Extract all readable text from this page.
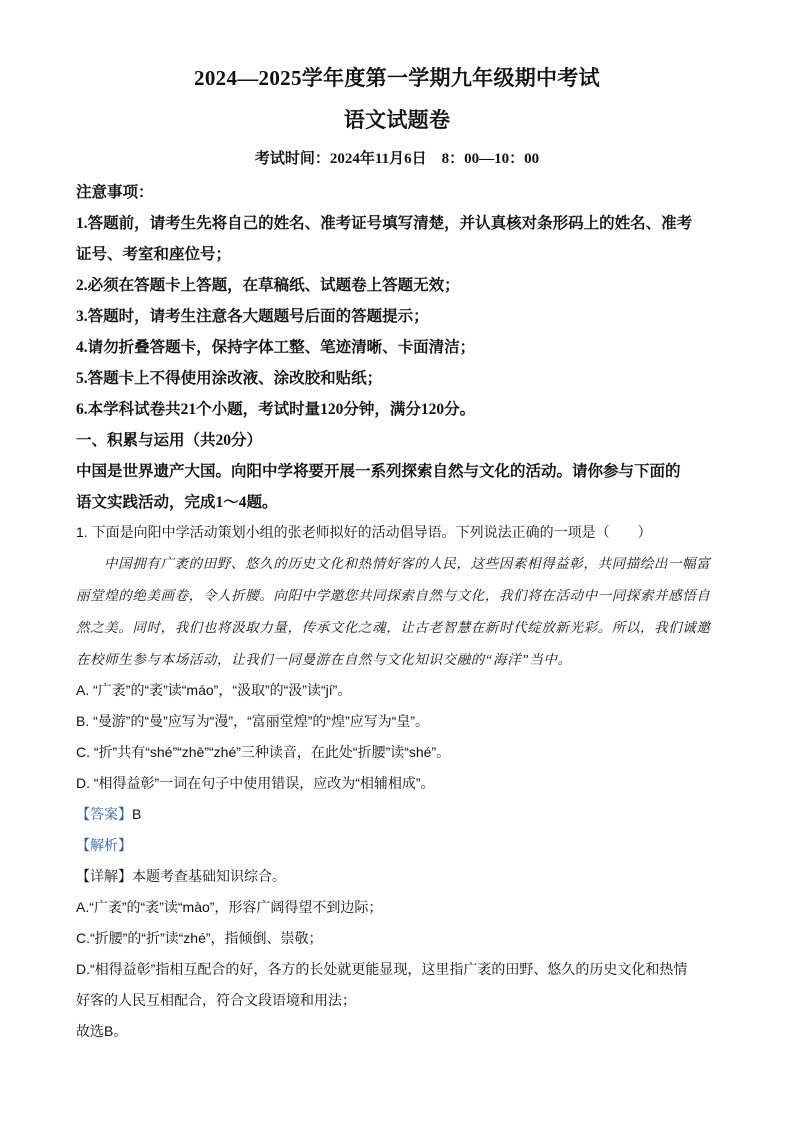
2024—2025学年度第一学期九年级期中考试
语文试题卷
考试时间：2024年11月6日　8：00—10：00
注意事项：
1.答题前，请考生先将自己的姓名、准考证号填写清楚，并认真核对条形码上的姓名、准考
证号、考室和座位号；
2.必须在答题卡上答题，在草稿纸、试题卷上答题无效；
3.答题时，请考生注意各大题题号后面的答题提示；
4.请勿折叠答题卡，保持字体工整、笔迹清晰、卡面清洁；
5.答题卡上不得使用涂改液、涂改胶和贴纸；
6.本学科试卷共21个小题，考试时量120分钟，满分120分。
一、积累与运用（共20分）
中国是世界遗产大国。向阳中学将要开展一系列探索自然与文化的活动。请你参与下面的
语文实践活动，完成1～4题。
1. 下面是向阳中学活动策划小组的张老师拟好的活动倡导语。下列说法正确的一项是（　　）
中国拥有广袤的田野、悠久的历史文化和热情好客的人民，这些因素相得益彰，共同描绘出一幅富
丽堂煌的绝美画卷，令人折腰。向阳中学邀您共同探索自然与文化，我们将在活动中一同探索并感悟自
然之美。同时，我们也将汲取力量，传承文化之魂，让古老智慧在新时代绽放新光彩。所以，我们诚邀
在校师生参与本场活动，让我们一同曼游在自然与文化知识交融的“海洋”当中。
A. “广袤”的“袤”读“máo”，“汲取”的“汲”读“jí”。
B. “曼游”的“曼”应写为“漫”，“富丽堂煌”的“煌”应写为“皇”。
C. “折”共有“shé”“zhē”“zhé”三种读音，在此处“折腰”读“shé”。
D. “相得益彰”一词在句子中使用错误，应改为“相辅相成”。
【答案】B
【解析】
【详解】本题考查基础知识综合。
A.“广袤”的“袤”读“mào”，形容广阔得望不到边际；
C.“折腰”的“折”读“zhé”，指倾倒、崇敬；
D.“相得益彰”指相互配合的好，各方的长处就更能显现，这里指广袤的田野、悠久的历史文化和热情
好客的人民互相配合，符合文段语境和用法；
故选B。
